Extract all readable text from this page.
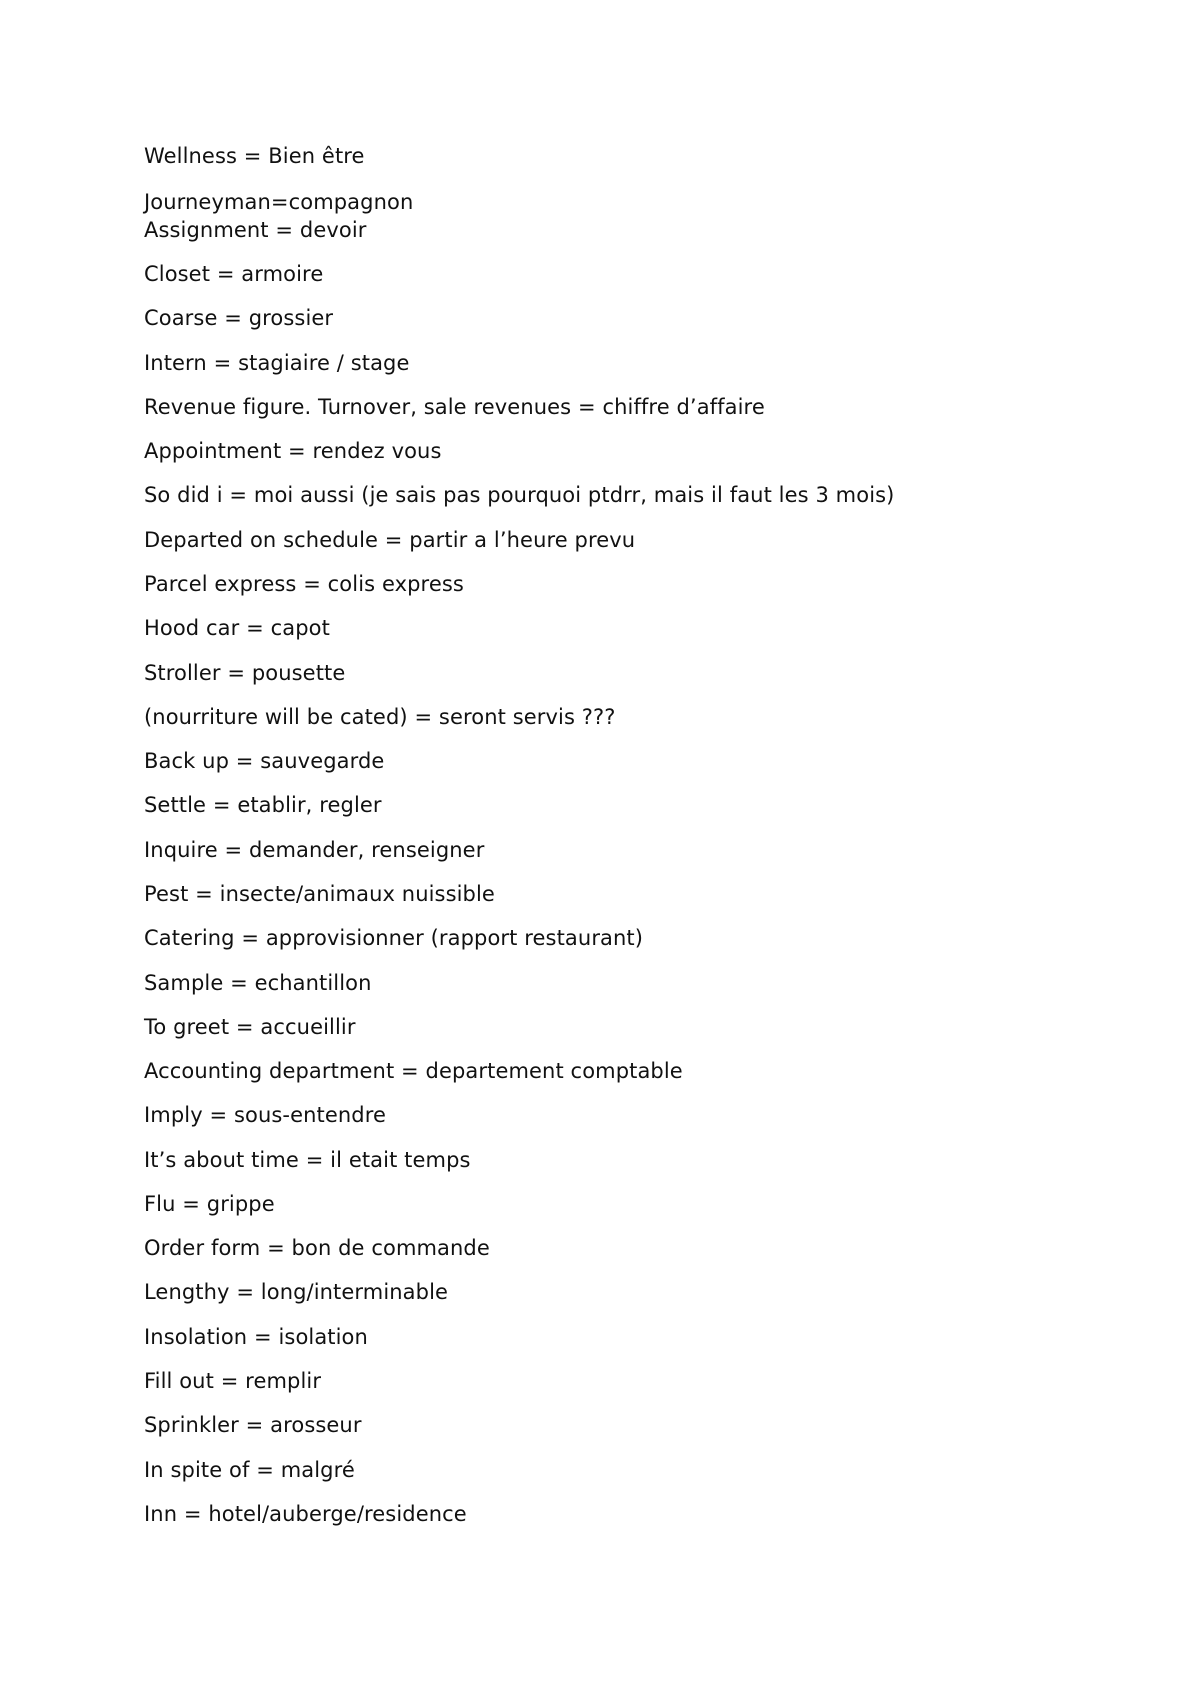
Wellness = Bien être
Journeyman=compagnon
Assignment = devoir
Closet = armoire
Coarse = grossier
Intern = stagiaire / stage
Revenue figure. Turnover, sale revenues = chiffre d’affaire
Appointment = rendez vous
So did i = moi aussi (je sais pas pourquoi ptdrr, mais il faut les 3 mois)
Departed on schedule = partir a l’heure prevu
Parcel express = colis express
Hood car = capot
Stroller = pousette
(nourriture will be cated) = seront servis ???
Back up = sauvegarde
Settle = etablir, regler
Inquire = demander, renseigner
Pest = insecte/animaux nuissible
Catering = approvisionner (rapport restaurant)
Sample = echantillon
To greet = accueillir
Accounting department = departement comptable
Imply = sous-entendre
It’s about time = il etait temps
Flu = grippe
Order form = bon de commande
Lengthy = long/interminable
Insolation = isolation
Fill out = remplir
Sprinkler = arosseur
In spite of = malgré
Inn = hotel/auberge/residence
